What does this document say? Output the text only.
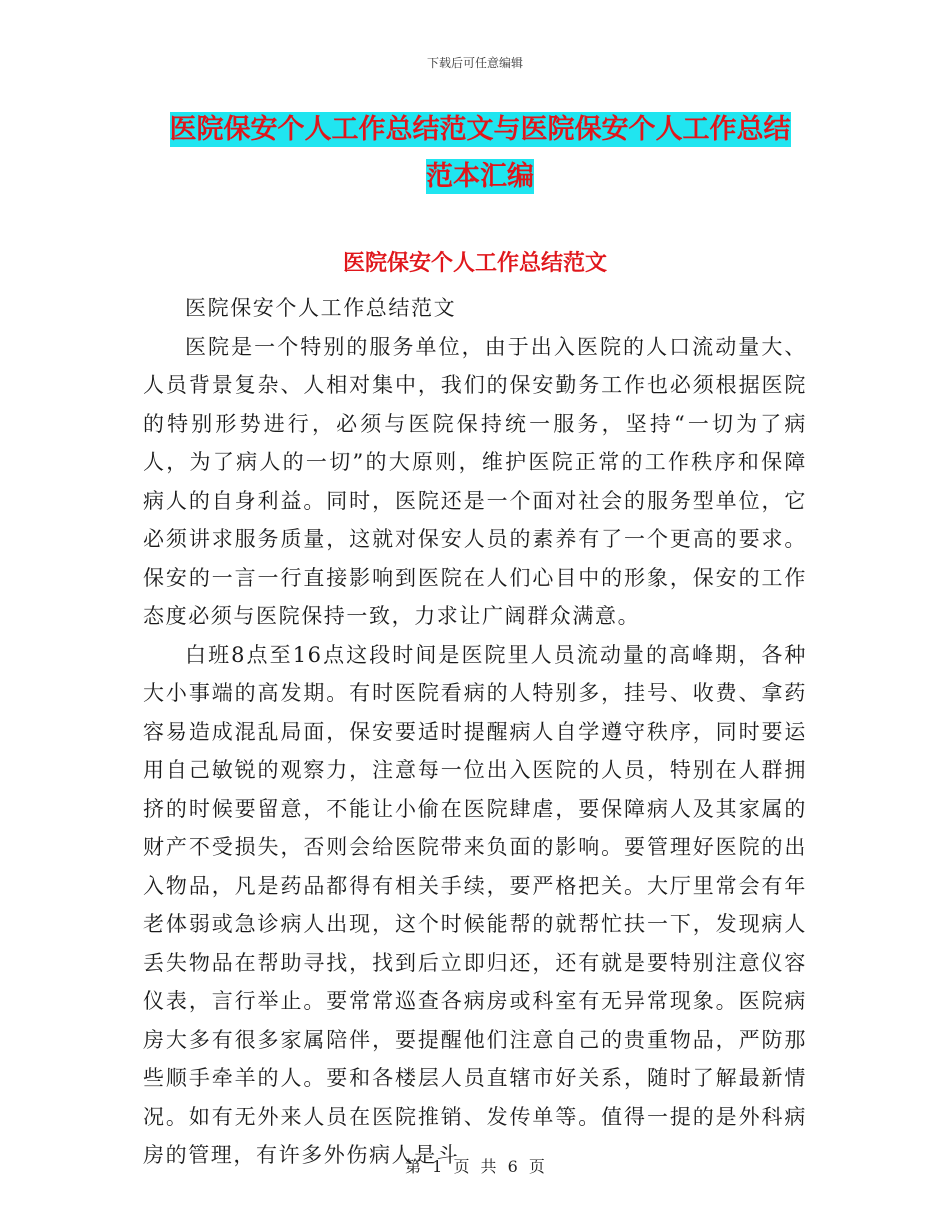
下载后可任意编辑
医院保安个人工作总结范文与医院保安个人工作总结
范本汇编
医院保安个人工作总结范文

医院保安个人工作总结范文

医院是一个特别的服务单位，由于出入医院的人口流动量大、人员背景复杂、人相对集中，我们的保安勤务工作也必须根据医院的特别形势进行，必须与医院保持统一服务，坚持“一切为了病人，为了病人的一切”的大原则，维护医院正常的工作秩序和保障病人的自身利益。同时，医院还是一个面对社会的服务型单位，它必须讲求服务质量，这就对保安人员的素养有了一个更高的要求。保安的一言一行直接影响到医院在人们心目中的形象，保安的工作态度必须与医院保持一致，力求让广阔群众满意。

白班8点至16点这段时间是医院里人员流动量的高峰期，各种大小事端的高发期。有时医院看病的人特别多，挂号、收费、拿药容易造成混乱局面，保安要适时提醒病人自学遵守秩序，同时要运用自己敏锐的观察力，注意每一位出入医院的人员，特别在人群拥挤的时候要留意，不能让小偷在医院肆虐，要保障病人及其家属的财产不受损失，否则会给医院带来负面的影响。要管理好医院的出入物品，凡是药品都得有相关手续，要严格把关。大厅里常会有年老体弱或急诊病人出现，这个时候能帮的就帮忙扶一下，发现病人丢失物品在帮助寻找，找到后立即归还，还有就是要特别注意仪容仪表，言行举止。要常常巡查各病房或科室有无异常现象。医院病房大多有很多家属陪伴，要提醒他们注意自己的贵重物品，严防那些顺手牵羊的人。要和各楼层人员直辖市好关系，随时了解最新情况。如有无外来人员在医院推销、发传单等。值得一提的是外科病房的管理，有许多外伤病人是斗

第 1 页 共 6 页
